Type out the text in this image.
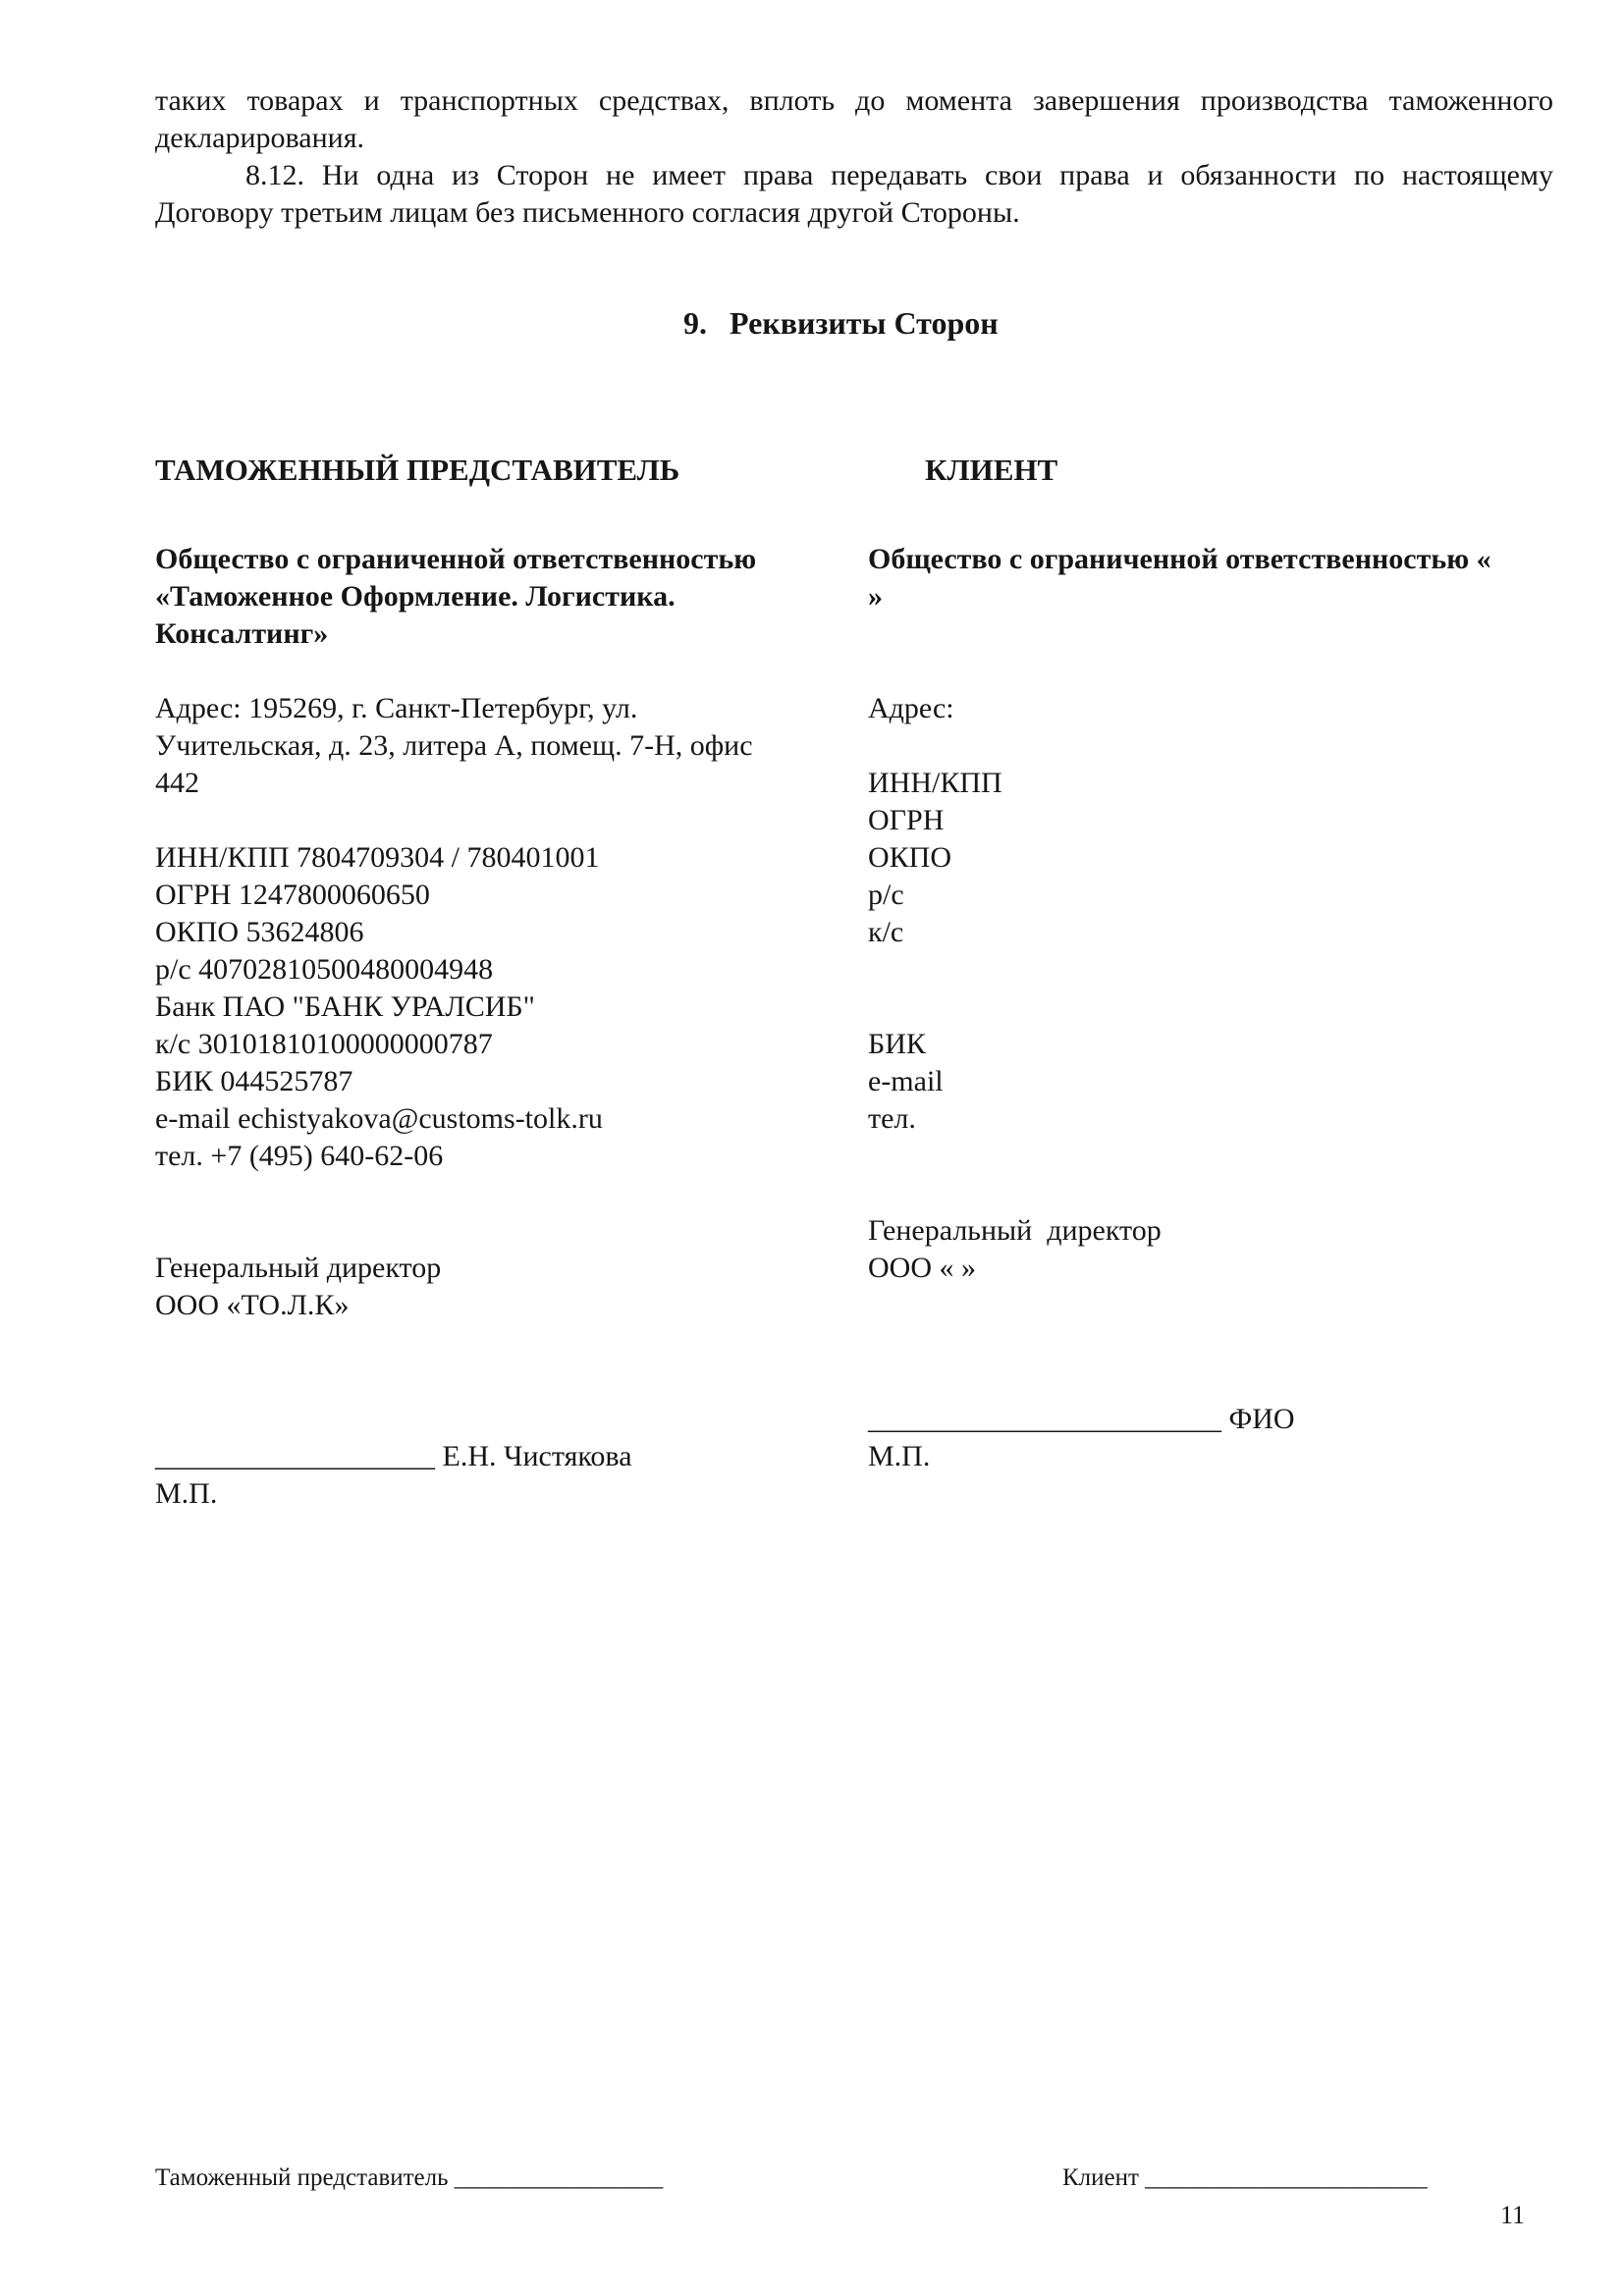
таких товарах и транспортных средствах, вплоть до момента завершения производства таможенного
декларирования.
8.12. Ни одна из Сторон не имеет права передавать свои права и обязанности по настоящему
Договору третьим лицам без письменного согласия другой Стороны.
9. Реквизиты Сторон
ТАМОЖЕННЫЙ ПРЕДСТАВИТЕЛЬ	КЛИЕНТ
Общество с ограниченной ответственностью
«Таможенное Оформление. Логистика.
Консалтинг»
Общество с ограниченной ответственностью «
»
Адрес: 195269, г. Санкт-Петербург, ул.
Учительская, д. 23, литера А, помещ. 7-Н, офис
442
ИНН/КПП 7804709304 / 780401001
ОГРН 1247800060650
ОКПО 53624806
р/с 40702810500480004948
Банк ПАО "БАНК УРАЛСИБ"
к/с 30101810100000000787
БИК 044525787
e-mail echistyakova@customs-tolk.ru
тел. +7 (495) 640-62-06
Адрес:
ИНН/КПП
ОГРН
ОКПО
р/с
к/с
БИК
e-mail
тел.
Генеральный директор
ООО «ТО.Л.К»
Генеральный  директор
ООО « »
___________________ Е.Н. Чистякова
М.П.
________________________ ФИО
М.П.
Таможенный представитель _________________	Клиент _______________________
11
